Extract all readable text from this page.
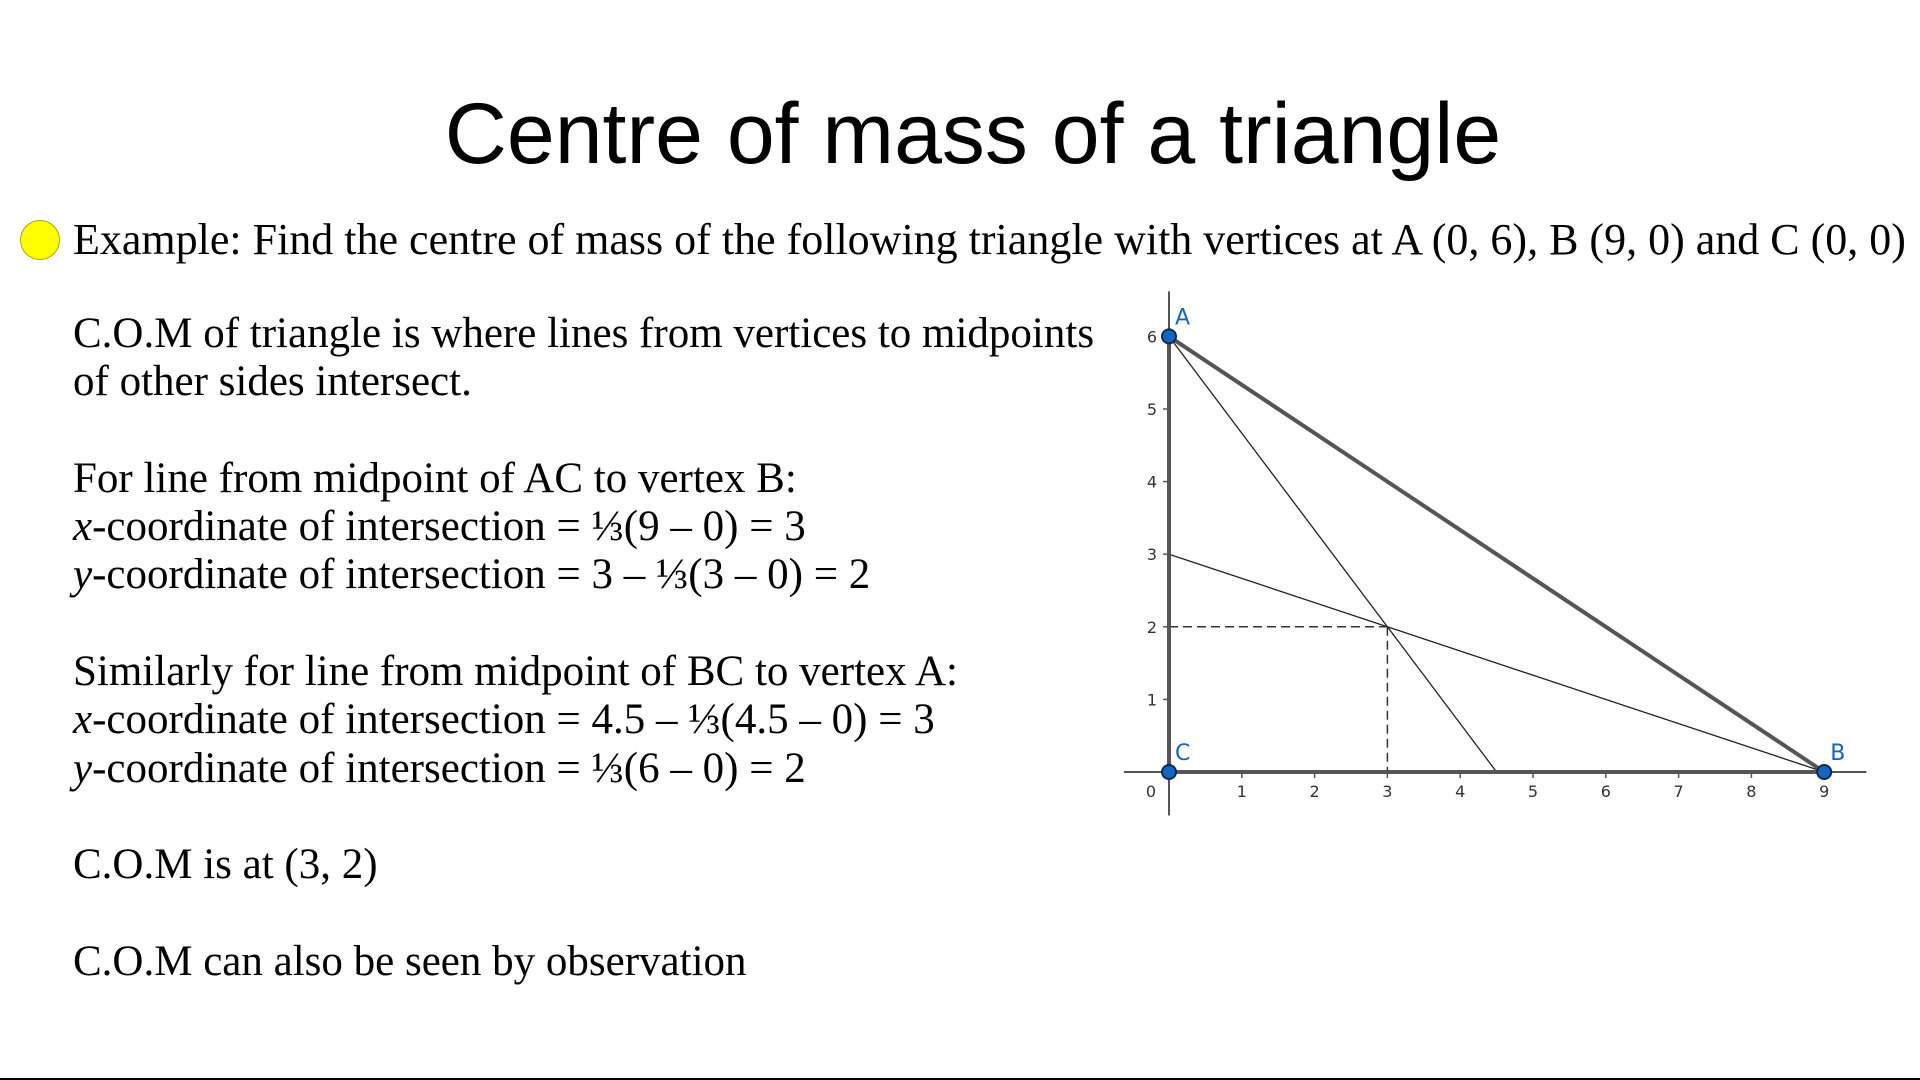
Centre of mass of a triangle
Example: Find the centre of mass of the following triangle with vertices at A (0, 6), B (9, 0) and C (0, 0)
C.O.M of triangle is where lines from vertices to midpoints
of other sides intersect.
For line from midpoint of AC to vertex B:
x-coordinate of intersection = ⅓(9 – 0) = 3
y-coordinate of intersection = 3 – ⅓(3 – 0) = 2
Similarly for line from midpoint of BC to vertex A:
x-coordinate of intersection = 4.5 – ⅓(4.5 – 0) = 3
y-coordinate of intersection = ⅓(6 – 0) = 2
C.O.M is at (3, 2)
C.O.M can also be seen by observation
0	1	2	3	4	5	6	7	8	9
1
2
3
4
5
6
A
B
C
